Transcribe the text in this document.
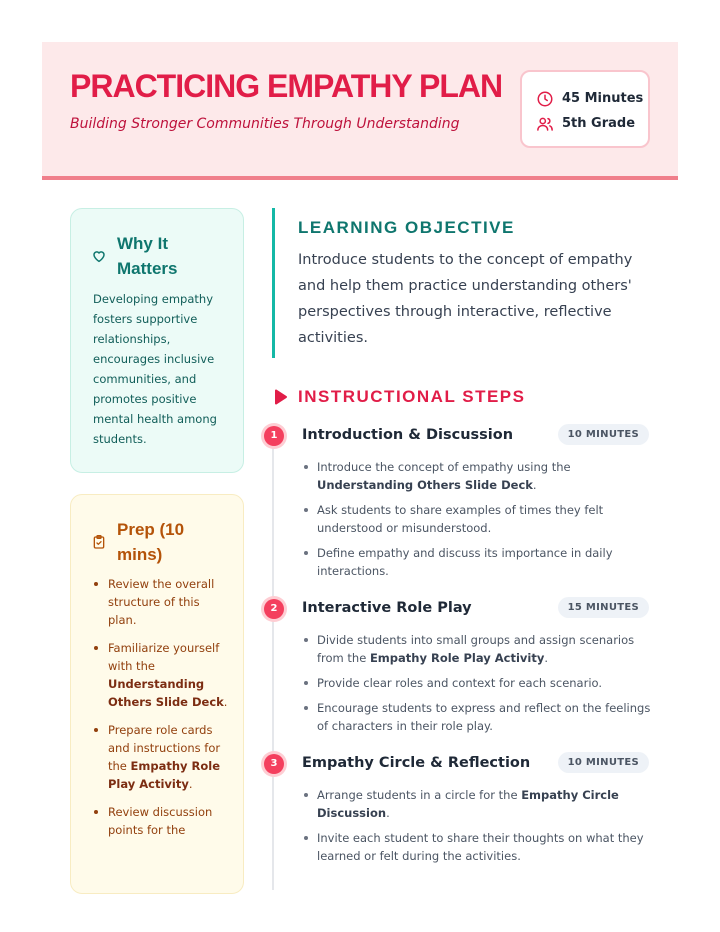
PRACTICING EMPATHY PLAN
Building Stronger Communities Through Understanding
45 Minutes
5th Grade
Why It Matters
Developing empathy fosters supportive relationships, encourages inclusive communities, and promotes positive mental health among students.
Prep (10 mins)
Review the overall structure of this plan.
Familiarize yourself with the Understanding Others Slide Deck.
Prepare role cards and instructions for the Empathy Role Play Activity.
Review discussion points for the
LEARNING OBJECTIVE
Introduce students to the concept of empathy and help them practice understanding others' perspectives through interactive, reflective activities.
INSTRUCTIONAL STEPS
1	Introduction & Discussion	10 MINUTES
Introduce the concept of empathy using the Understanding Others Slide Deck.
Ask students to share examples of times they felt understood or misunderstood.
Define empathy and discuss its importance in daily interactions.
2	Interactive Role Play	15 MINUTES
Divide students into small groups and assign scenarios from the Empathy Role Play Activity.
Provide clear roles and context for each scenario.
Encourage students to express and reflect on the feelings of characters in their role play.
3	Empathy Circle & Reflection	10 MINUTES
Arrange students in a circle for the Empathy Circle Discussion.
Invite each student to share their thoughts on what they learned or felt during the activities.
